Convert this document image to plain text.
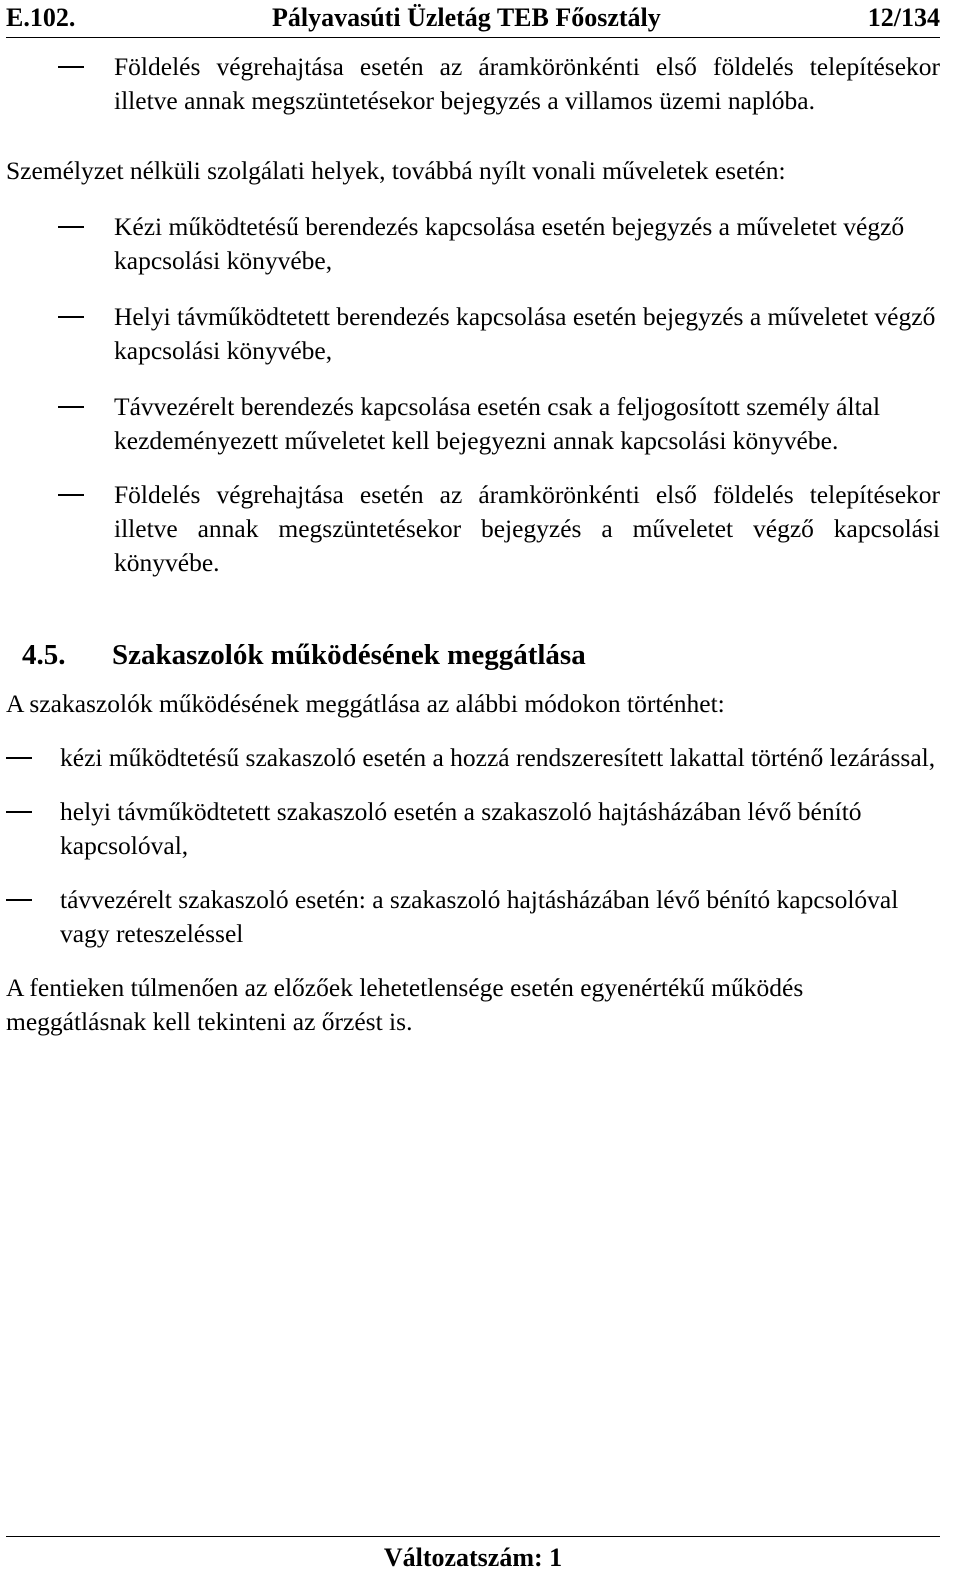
E.102.	Pályavasúti Üzletág TEB Főosztály	12/134
Földelés végrehajtása esetén az áramkörönkénti első földelés telepítésekor illetve annak megszüntetésekor bejegyzés a villamos üzemi naplóba.

Személyzet nélküli szolgálati helyek, továbbá nyílt vonali műveletek esetén:

Kézi működtetésű berendezés kapcsolása esetén bejegyzés a műveletet végző kapcsolási könyvébe,
Helyi távműködtetett berendezés kapcsolása esetén bejegyzés a műveletet végző kapcsolási könyvébe,
Távvezérelt berendezés kapcsolása esetén csak a feljogosított személy által kezdeményezett műveletet kell bejegyezni annak kapcsolási könyvébe.
Földelés végrehajtása esetén az áramkörönkénti első földelés telepítésekor illetve annak megszüntetésekor bejegyzés a műveletet végző kapcsolási könyvébe.
4.5. Szakaszolók működésének meggátlása

A szakaszolók működésének meggátlása az alábbi módokon történhet:

kézi működtetésű szakaszoló esetén a hozzá rendszeresített lakattal történő lezárással,
helyi távműködtetett szakaszoló esetén a szakaszoló hajtásházában lévő bénító kapcsolóval,
távvezérelt szakaszoló esetén: a szakaszoló hajtásházában lévő bénító kapcsolóval vagy reteszeléssel

A fentieken túlmenően az előzőek lehetetlensége esetén egyenértékű működés meggátlásnak kell tekinteni az őrzést is.

Változatszám: 1
